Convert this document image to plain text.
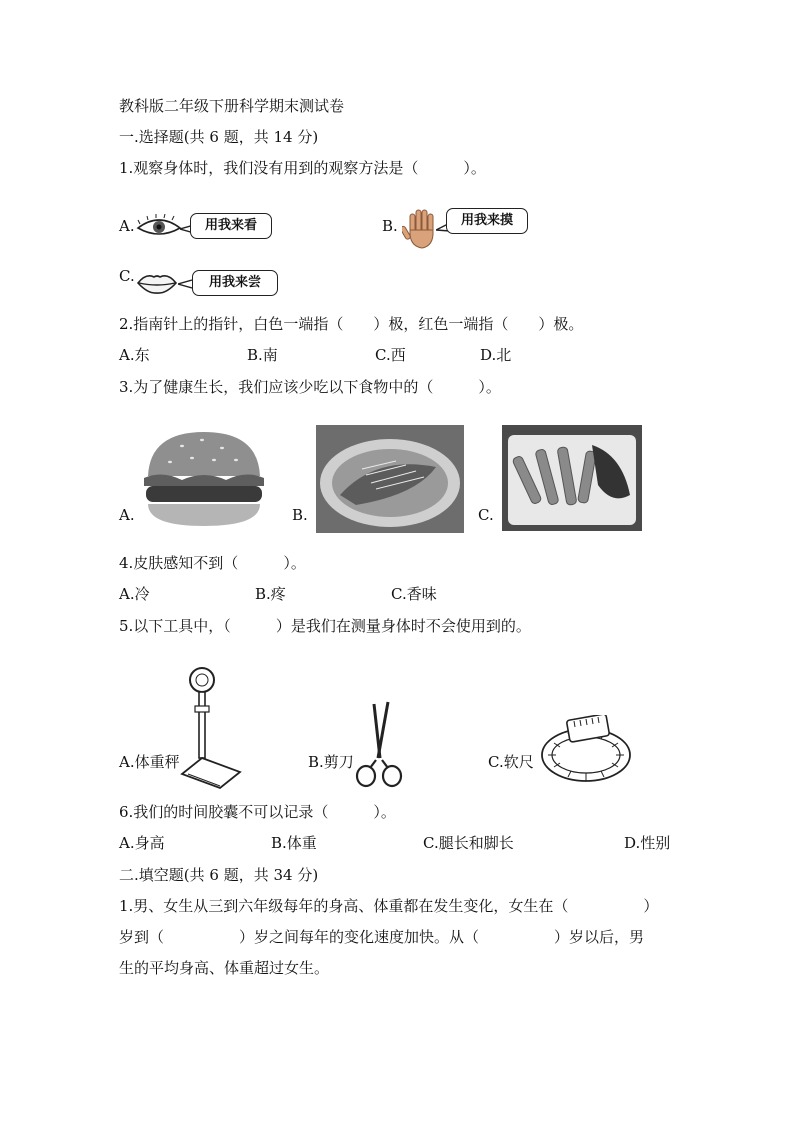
教科版二年级下册科学期末测试卷
一.选择题(共 6 题，共 14 分)
1.观察身体时，我们没有用到的观察方法是（　　　）。
A.	用我来看	B.	用我来摸
C.	用我来尝
2.指南针上的指针，白色一端指（　　）极，红色一端指（　　）极。
A.东	B.南	C.西	D.北
3.为了健康生长，我们应该少吃以下食物中的（　　　）。
A.	B.	C.
4.皮肤感知不到（　　　）。
A.冷	B.疼	C.香味
5.以下工具中，（　　　）是我们在测量身体时不会使用到的。
A.体重秤	B.剪刀	C.软尺
6.我们的时间胶囊不可以记录（　　　）。
A.身高	B.体重	C.腿长和脚长	D.性别
二.填空题(共 6 题，共 34 分)
1.男、女生从三到六年级每年的身高、体重都在发生变化，女生在（　　　　　）
岁到（　　　　　）岁之间每年的变化速度加快。从（　　　　　）岁以后，男
生的平均身高、体重超过女生。
